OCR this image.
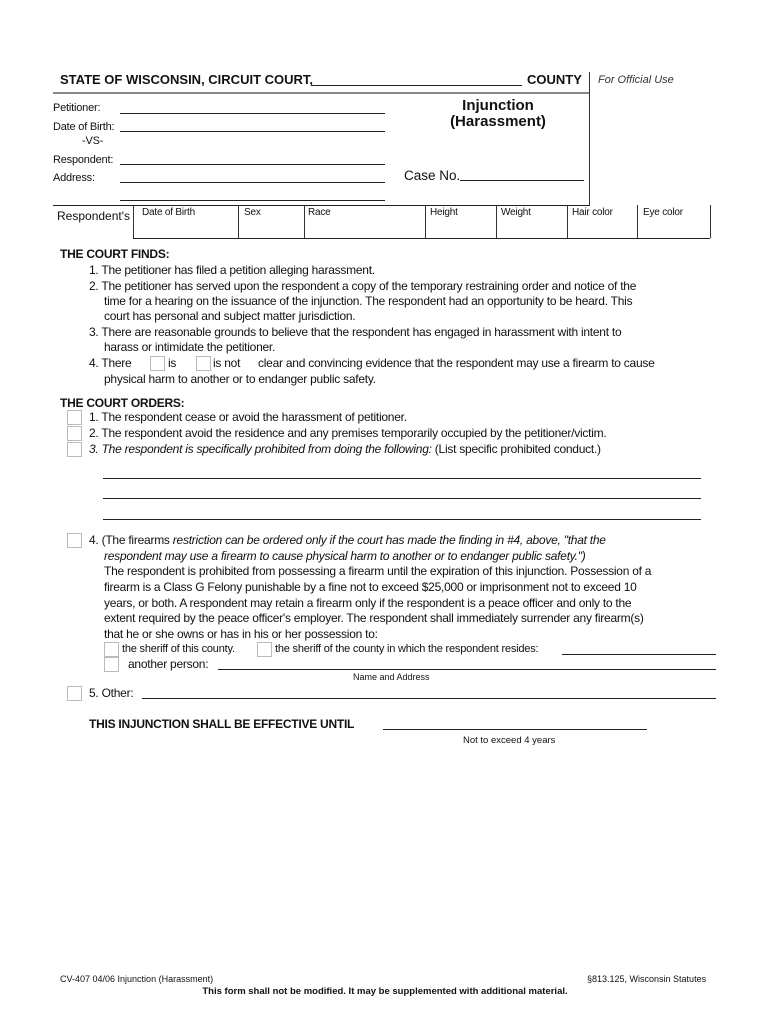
STATE OF WISCONSIN, CIRCUIT COURT,	COUNTY For Official Use
Petitioner:
Date of Birth:
-VS-
Respondent:
Address:
Injunction
(Harassment)
Case No.
Respondent's Date of Birth	Sex	Race	Height	Weight	Hair color	Eye color
THE COURT FINDS:
1. The petitioner has filed a petition alleging harassment.
2. The petitioner has served upon the respondent a copy of the temporary restraining order and notice of the
time for a hearing on the issuance of the injunction. The respondent had an opportunity to be heard. This
court has personal and subject matter jurisdiction.
3. There are reasonable grounds to believe that the respondent has engaged in harassment with intent to
harass or intimidate the petitioner.
4. There	is	is not clear and convincing evidence that the respondent may use a firearm to cause
physical harm to another or to endanger public safety.
THE COURT ORDERS:
1. The respondent cease or avoid the harassment of petitioner.
2. The respondent avoid the residence and any premises temporarily occupied by the petitioner/victim.
3. The respondent is specifically prohibited from doing the following: (List specific prohibited conduct.)
4. (The firearms restriction can be ordered only if the court has made the finding in #4, above, "that the
respondent may use a firearm to cause physical harm to another or to endanger public safety.")
The respondent is prohibited from possessing a firearm until the expiration of this injunction. Possession of a
firearm is a Class G Felony punishable by a fine not to exceed $25,000 or imprisonment not to exceed 10
years, or both. A respondent may retain a firearm only if the respondent is a peace officer and only to the
extent required by the peace officer's employer. The respondent shall immediately surrender any firearm(s)
that he or she owns or has in his or her possession to:
the sheriff of this county.	the sheriff of the county in which the respondent resides:
another person:
Name and Address
5. Other:
THIS INJUNCTION SHALL BE EFFECTIVE UNTIL
Not to exceed 4 years
CV-407 04/06 Injunction (Harassment)	§813.125, Wisconsin Statutes
This form shall not be modified. It may be supplemented with additional material.
